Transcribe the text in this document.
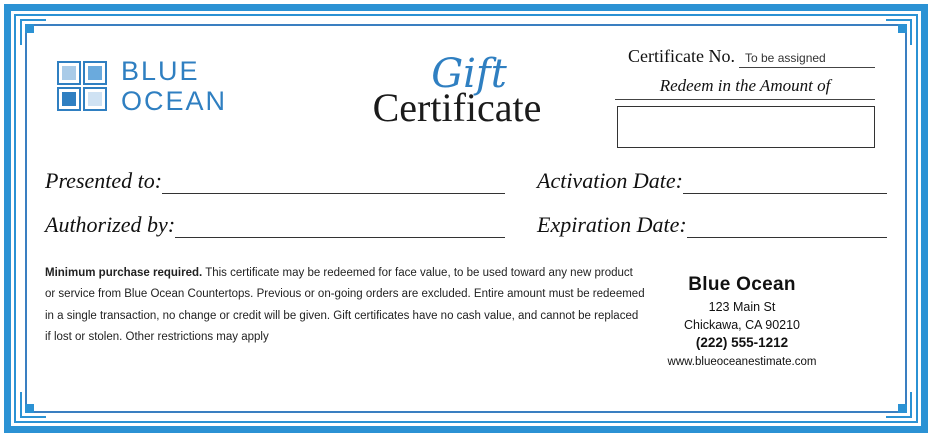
BLUE
OCEAN
Gift
Certificate
Certificate No. To be assigned
Redeem in the Amount of
Presented to:
Authorized by:
Activation Date:
Expiration Date:
Minimum purchase required. This certificate may be redeemed for face value, to be used toward any new product or service from Blue Ocean Countertops. Previous or on-going orders are excluded. Entire amount must be redeemed in a single transaction, no change or credit will be given. Gift certificates have no cash value, and cannot be replaced if lost or stolen. Other restrictions may apply
Blue Ocean
123 Main St
Chickawa, CA 90210
(222) 555-1212
www.blueoceanestimate.com
